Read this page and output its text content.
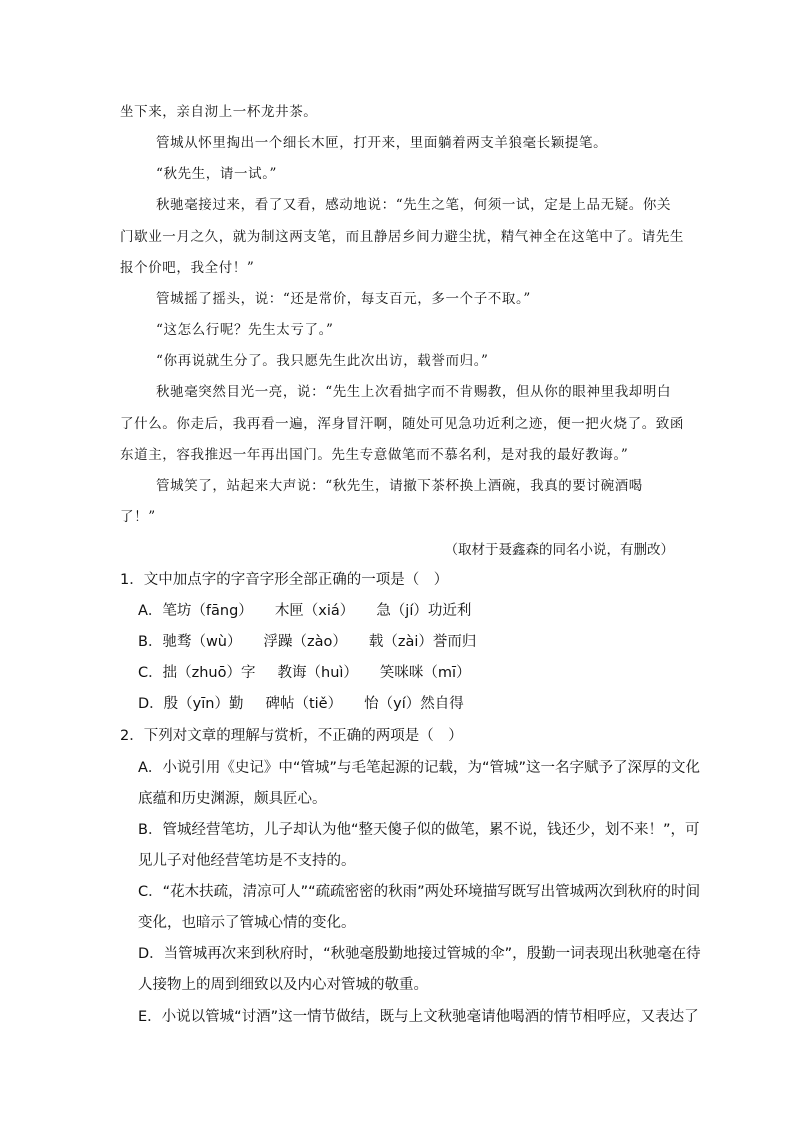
坐下来，亲自沏上一杯龙井茶。
管城从怀里掏出一个细长木匣，打开来，里面躺着两支羊狼毫长颖提笔。
“秋先生，请一试。”
秋驰毫接过来，看了又看，感动地说：“先生之笔，何须一试，定是上品无疑。你关
门歇业一月之久，就为制这两支笔，而且静居乡间力避尘扰，精气神全在这笔中了。请先生
报个价吧，我全付！”
管城摇了摇头，说：“还是常价，每支百元，多一个子不取。”
“这怎么行呢？先生太亏了。”
“你再说就生分了。我只愿先生此次出访，载誉而归。”
秋驰毫突然目光一亮，说：“先生上次看拙字而不肯赐教，但从你的眼神里我却明白
了什么。你走后，我再看一遍，浑身冒汗啊，随处可见急功近利之迹，便一把火烧了。致函
东道主，容我推迟一年再出国门。先生专意做笔而不慕名利，是对我的最好教诲。”
管城笑了，站起来大声说：“秋先生，请撤下茶杯换上酒碗，我真的要讨碗酒喝
了！”
（取材于聂鑫森的同名小说，有删改）
1．文中加点字的字音字形全部正确的一项是（　）
A．笔坊（fāng） 木匣（xiá） 急（jí）功近利
B．驰骛（wù） 浮躁（zào） 载（zài）誉而归
C．拙（zhuō）字 教诲（huì） 笑咪咪（mī）
D．殷（yīn）勤 碑帖（tiě） 怡（yí）然自得
2．下列对文章的理解与赏析，不正确的两项是（　）
A．小说引用《史记》中“管城”与毛笔起源的记载，为“管城”这一名字赋予了深厚的文化
底蕴和历史渊源，颇具匠心。
B．管城经营笔坊，儿子却认为他“整天傻子似的做笔，累不说，钱还少，划不来！”，可
见儿子对他经营笔坊是不支持的。
C．“花木扶疏，清凉可人”“疏疏密密的秋雨”两处环境描写既写出管城两次到秋府的时间
变化，也暗示了管城心情的变化。
D．当管城再次来到秋府时，“秋驰毫殷勤地接过管城的伞”，殷勤一词表现出秋驰毫在待
人接物上的周到细致以及内心对管城的敬重。
E．小说以管城“讨酒”这一情节做结，既与上文秋驰毫请他喝酒的情节相呼应，又表达了
